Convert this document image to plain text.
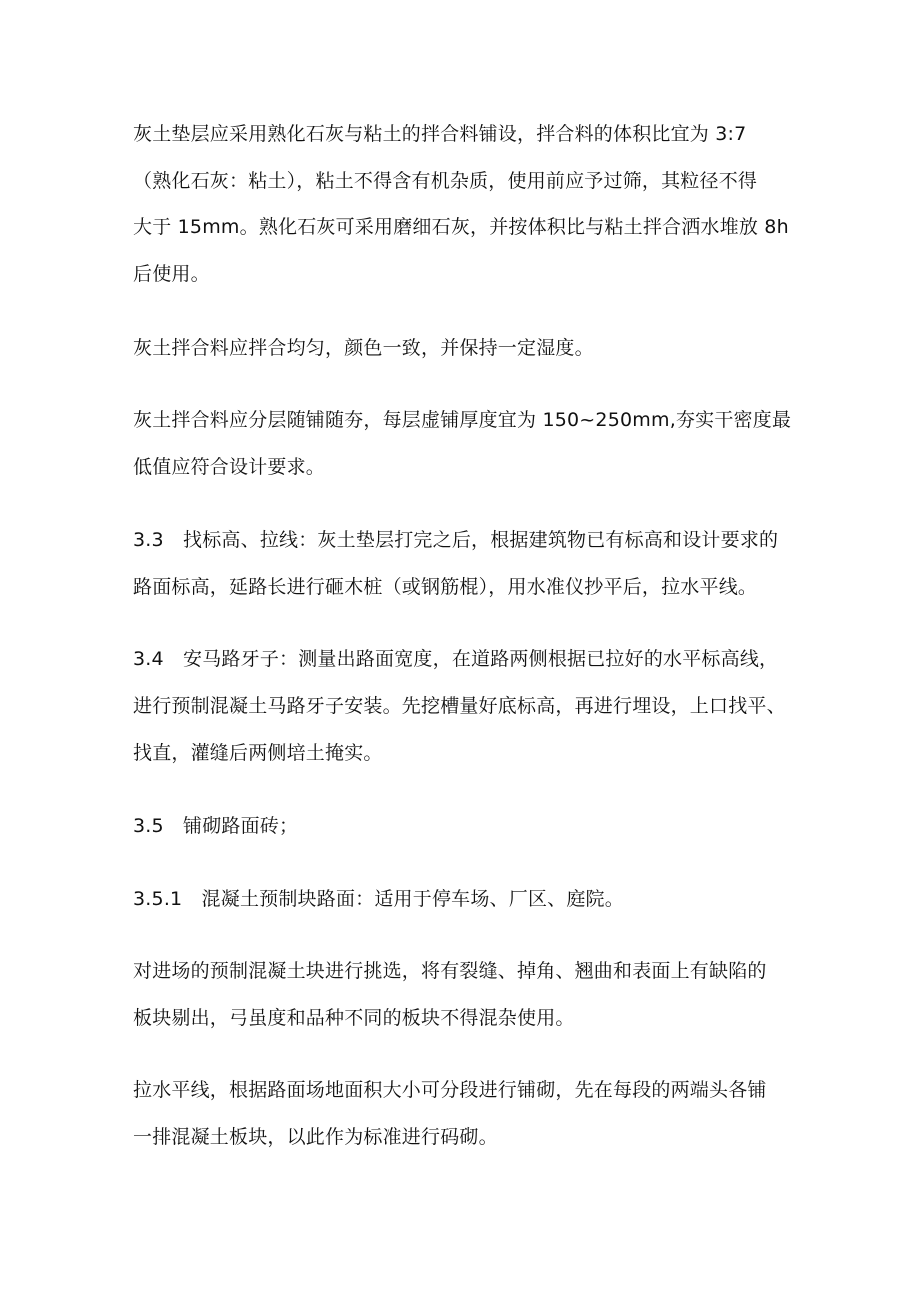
灰土垫层应采用熟化石灰与粘土的拌合料铺设，拌合料的体积比宜为 3:7
（熟化石灰：粘土），粘土不得含有机杂质，使用前应予过筛，其粒径不得
大于 15mm。熟化石灰可采用磨细石灰，并按体积比与粘土拌合洒水堆放 8h
后使用。
灰土拌合料应拌合均匀，颜色一致，并保持一定湿度。
灰土拌合料应分层随铺随夯，每层虚铺厚度宜为 150~250mm,夯实干密度最
低值应符合设计要求。
3.3　找标高、拉线：灰土垫层打完之后，根据建筑物已有标高和设计要求的
路面标高，延路长进行砸木桩（或钢筋棍），用水准仪抄平后，拉水平线。
3.4　安马路牙子：测量出路面宽度，在道路两侧根据已拉好的水平标高线，
进行预制混凝土马路牙子安装。先挖槽量好底标高，再进行埋设，上口找平、
找直，灌缝后两侧培土掩实。
3.5　铺砌路面砖；
3.5.1　混凝土预制块路面：适用于停车场、厂区、庭院。
对进场的预制混凝土块进行挑选，将有裂缝、掉角、翘曲和表面上有缺陷的
板块剔出，弓虽度和品种不同的板块不得混杂使用。
拉水平线，根据路面场地面积大小可分段进行铺砌，先在每段的两端头各铺
一排混凝土板块，以此作为标准进行码砌。
